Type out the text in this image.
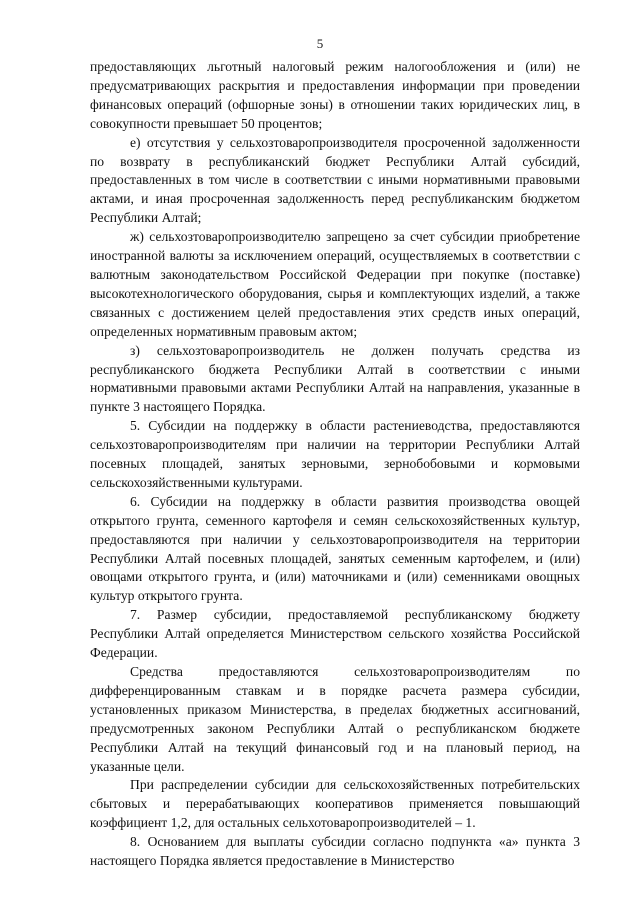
5

предоставляющих льготный налоговый режим налогообложения и (или) не предусматривающих раскрытия и предоставления информации при проведении финансовых операций (офшорные зоны) в отношении таких юридических лиц, в совокупности превышает 50 процентов;

е) отсутствия у сельхозтоваропроизводителя просроченной задолженности по возврату в республиканский бюджет Республики Алтай субсидий, предоставленных в том числе в соответствии с иными нормативными правовыми актами, и иная просроченная задолженность перед республиканским бюджетом Республики Алтай;

ж) сельхозтоваропроизводителю запрещено за счет субсидии приобретение иностранной валюты за исключением операций, осуществляемых в соответствии с валютным законодательством Российской Федерации при покупке (поставке) высокотехнологического оборудования, сырья и комплектующих изделий, а также связанных с достижением целей предоставления этих средств иных операций, определенных нормативным правовым актом;

з) сельхозтоваропроизводитель не должен получать средства из республиканского бюджета Республики Алтай в соответствии с иными нормативными правовыми актами Республики Алтай на направления, указанные в пункте 3 настоящего Порядка.

5. Субсидии на поддержку в области растениеводства, предоставляются сельхозтоваропроизводителям при наличии на территории Республики Алтай посевных площадей, занятых зерновыми, зернобобовыми и кормовыми сельскохозяйственными культурами.

6. Субсидии на поддержку в области развития производства овощей открытого грунта, семенного картофеля и семян сельскохозяйственных культур, предоставляются при наличии у сельхозтоваропроизводителя на территории Республики Алтай посевных площадей, занятых семенным картофелем, и (или) овощами открытого грунта, и (или) маточниками и (или) семенниками овощных культур открытого грунта.

7. Размер субсидии, предоставляемой республиканскому бюджету Республики Алтай определяется Министерством сельского хозяйства Российской Федерации.

Средства предоставляются сельхозтоваропроизводителям по дифференцированным ставкам и в порядке расчета размера субсидии, установленных приказом Министерства, в пределах бюджетных ассигнований, предусмотренных законом Республики Алтай о республиканском бюджете Республики Алтай на текущий финансовый год и на плановый период, на указанные цели.

При распределении субсидии для сельскохозяйственных потребительских сбытовых и перерабатывающих кооперативов применяется повышающий коэффициент 1,2, для остальных сельхотоваропроизводителей – 1.

8. Основанием для выплаты субсидии согласно подпункта «а» пункта 3 настоящего Порядка является предоставление в Министерство
